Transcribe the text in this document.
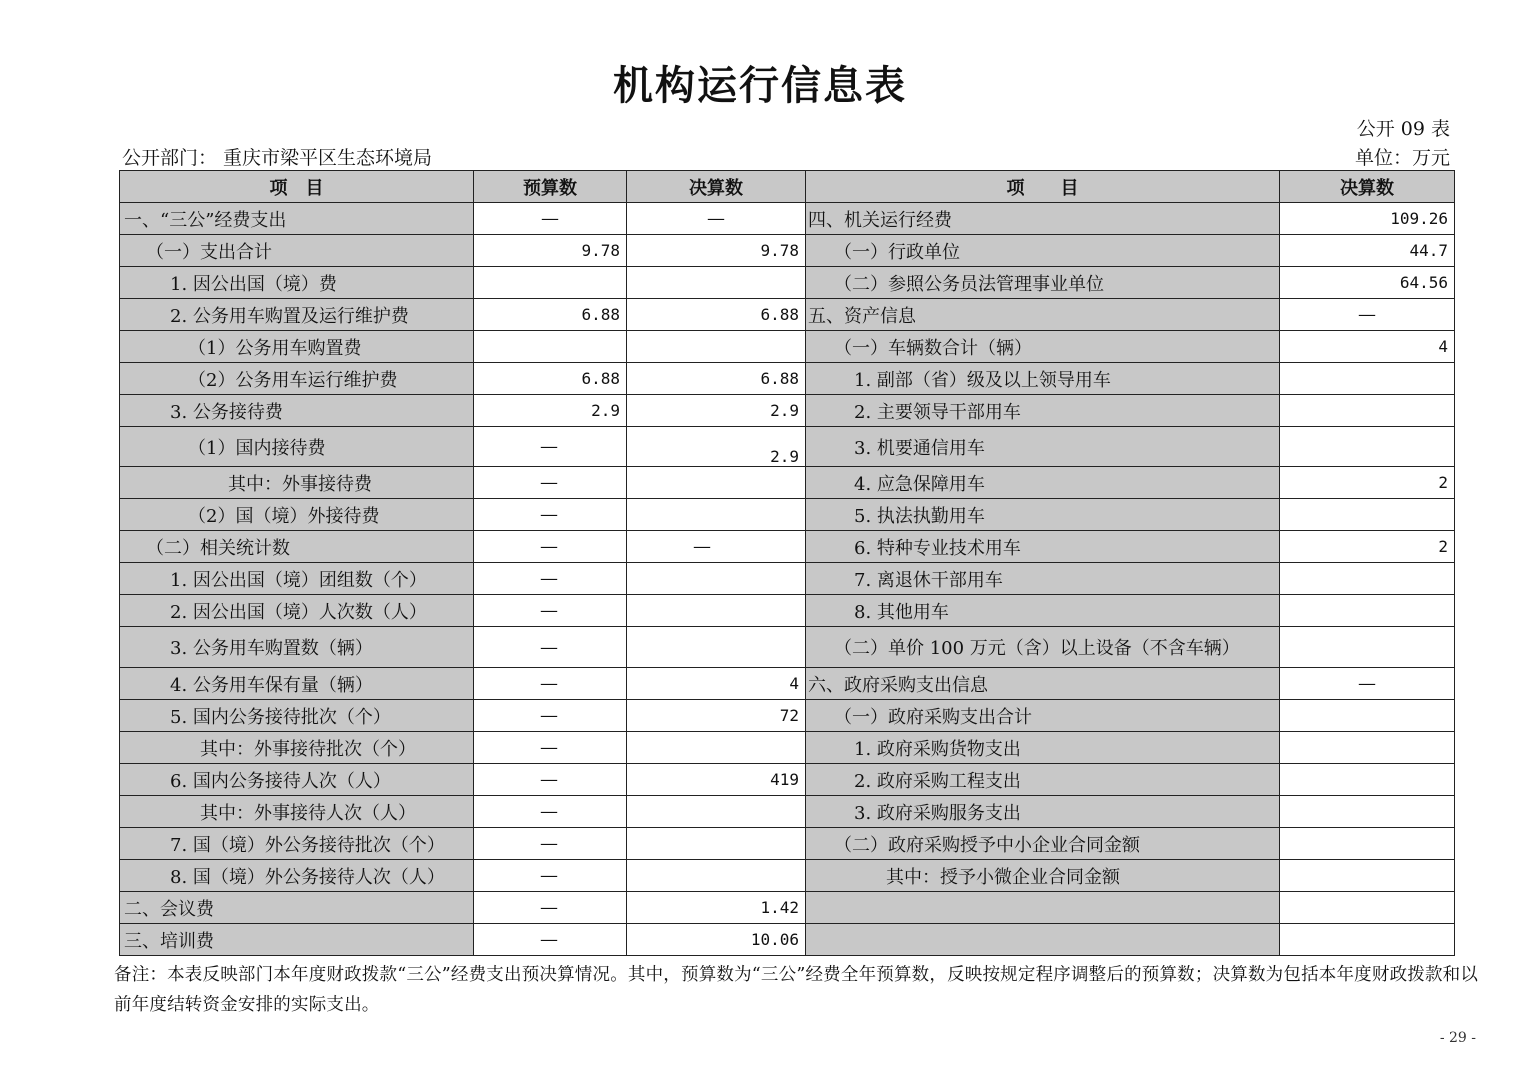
机构运行信息表
公开 09 表
公开部门： 重庆市梁平区生态环境局	单位：万元
项　目	预算数	决算数	项　　目	决算数
一、“三公”经费支出	—	—	四、机关运行经费	109.26
（一）支出合计	9.78	9.78	（一）行政单位	44.7
1. 因公出国（境）费			（二）参照公务员法管理事业单位	64.56
2. 公务用车购置及运行维护费	6.88	6.88	五、资产信息	—
（1）公务用车购置费			（一）车辆数合计（辆）	4
（2）公务用车运行维护费	6.88	6.88	1. 副部（省）级及以上领导用车	
3. 公务接待费	2.9	2.9	2. 主要领导干部用车	
（1）国内接待费	—	2.9	3. 机要通信用车	
其中：外事接待费	—		4. 应急保障用车	2
（2）国（境）外接待费	—		5. 执法执勤用车	
（二）相关统计数	—	—	6. 特种专业技术用车	2
1. 因公出国（境）团组数（个）	—		7. 离退休干部用车	
2. 因公出国（境）人次数（人）	—		8. 其他用车	
3. 公务用车购置数（辆）	—		（二）单价 100 万元（含）以上设备（不含车辆）	
4. 公务用车保有量（辆）	—	4	六、政府采购支出信息	—
5. 国内公务接待批次（个）	—	72	（一）政府采购支出合计	
其中：外事接待批次（个）	—		1. 政府采购货物支出	
6. 国内公务接待人次（人）	—	419	2. 政府采购工程支出	
其中：外事接待人次（人）	—		3. 政府采购服务支出	
7. 国（境）外公务接待批次（个）	—		（二）政府采购授予中小企业合同金额	
8. 国（境）外公务接待人次（人）	—		其中：授予小微企业合同金额	
二、会议费	—	1.42		
三、培训费	—	10.06		
备注：本表反映部门本年度财政拨款“三公”经费支出预决算情况。其中，预算数为“三公”经费全年预算数，反映按规定程序调整后的预算数；决算数为包括本年度财政拨款和以前年度结转资金安排的实际支出。
- 29 -
